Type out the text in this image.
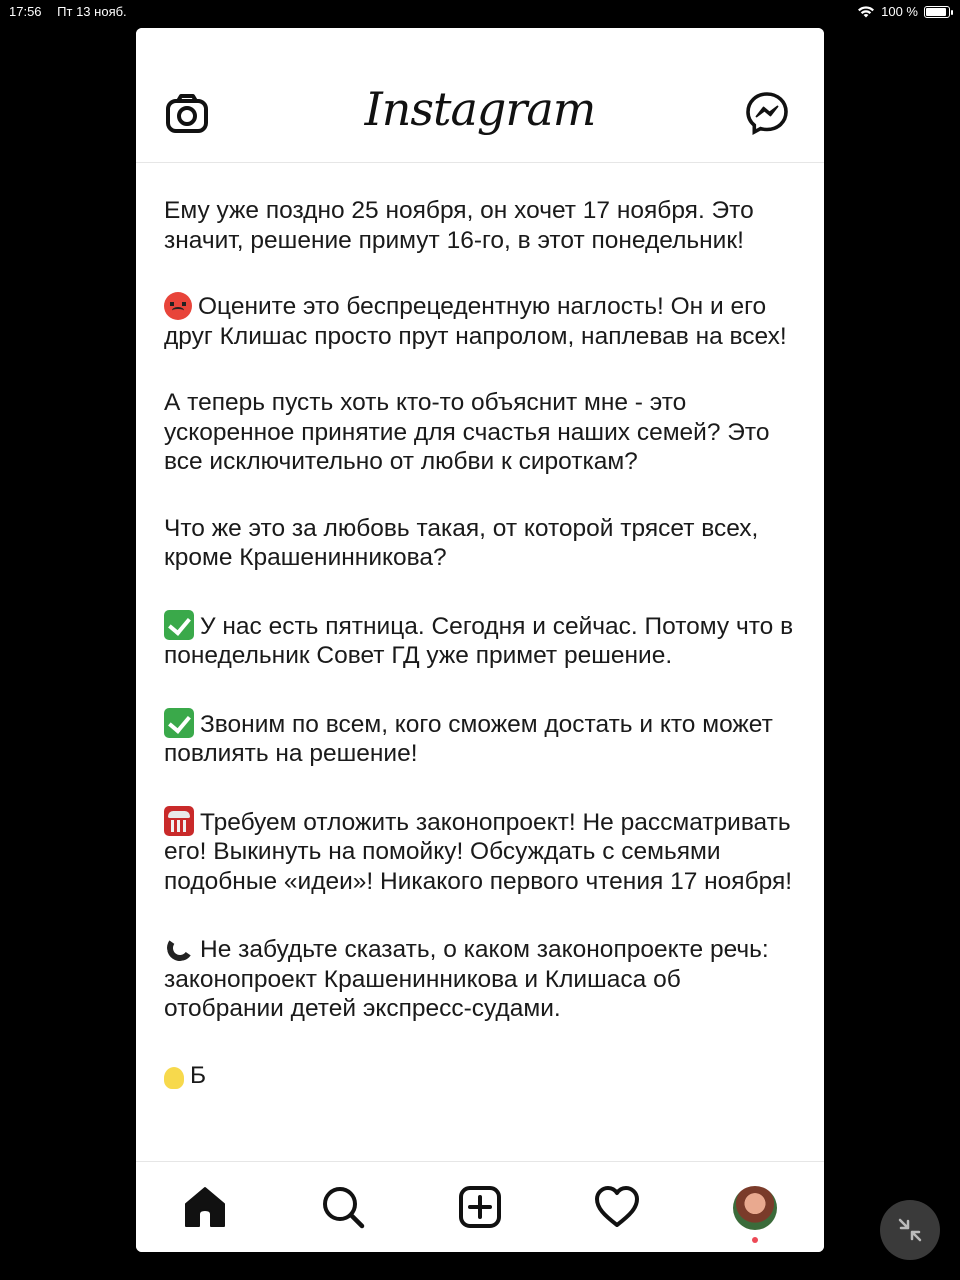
17:56 Пт 13 нояб.	100 %
Instagram

Ему уже поздно 25 ноября, он хочет 17 ноября. Это значит, решение примут 16-го, в этот понедельник!

Оцените это беспрецедентную наглость! Он и его друг Клишас просто прут напролом, наплевав на всех!

А теперь пусть хоть кто-то объяснит мне - это ускоренное принятие для счастья наших семей? Это все исключительно от любви к сироткам?

Что же это за любовь такая, от которой трясет всех, кроме Крашенинникова?

У нас есть пятница. Сегодня и сейчас. Потому что в понедельник Совет ГД уже примет решение.

Звоним по всем, кого сможем достать и кто может повлиять на решение!

Требуем отложить законопроект! Не рассматривать его! Выкинуть на помойку! Обсуждать с семьями подобные «идеи»! Никакого первого чтения 17 ноября!

Не забудьте сказать, о каком законопроекте речь: законопроект Крашенинникова и Клишаса об отобрании детей экспресс-судами.

Б
